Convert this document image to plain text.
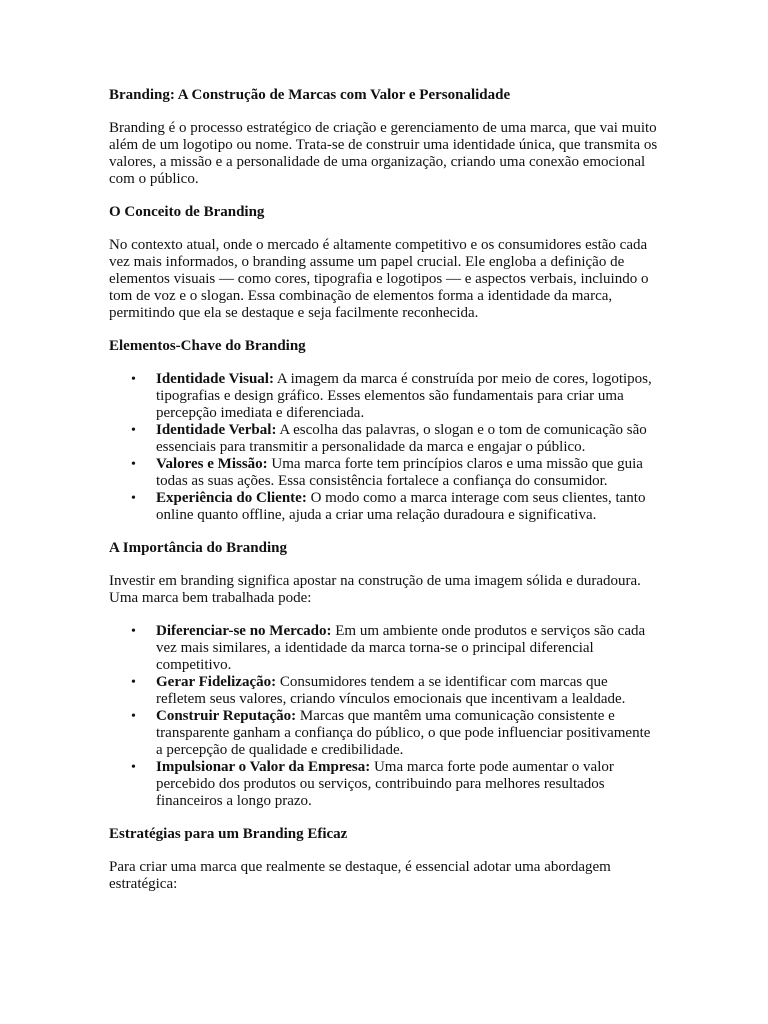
Branding: A Construção de Marcas com Valor e Personalidade

Branding é o processo estratégico de criação e gerenciamento de uma marca, que vai muito além de um logotipo ou nome. Trata-se de construir uma identidade única, que transmita os valores, a missão e a personalidade de uma organização, criando uma conexão emocional com o público.

O Conceito de Branding

No contexto atual, onde o mercado é altamente competitivo e os consumidores estão cada vez mais informados, o branding assume um papel crucial. Ele engloba a definição de elementos visuais — como cores, tipografia e logotipos — e aspectos verbais, incluindo o tom de voz e o slogan. Essa combinação de elementos forma a identidade da marca, permitindo que ela se destaque e seja facilmente reconhecida.

Elementos-Chave do Branding
• Identidade Visual: A imagem da marca é construída por meio de cores, logotipos, tipografias e design gráfico. Esses elementos são fundamentais para criar uma percepção imediata e diferenciada.
• Identidade Verbal: A escolha das palavras, o slogan e o tom de comunicação são essenciais para transmitir a personalidade da marca e engajar o público.
• Valores e Missão: Uma marca forte tem princípios claros e uma missão que guia todas as suas ações. Essa consistência fortalece a confiança do consumidor.
• Experiência do Cliente: O modo como a marca interage com seus clientes, tanto online quanto offline, ajuda a criar uma relação duradoura e significativa.
A Importância do Branding

Investir em branding significa apostar na construção de uma imagem sólida e duradoura. Uma marca bem trabalhada pode:

• Diferenciar-se no Mercado: Em um ambiente onde produtos e serviços são cada vez mais similares, a identidade da marca torna-se o principal diferencial competitivo.
• Gerar Fidelização: Consumidores tendem a se identificar com marcas que refletem seus valores, criando vínculos emocionais que incentivam a lealdade.
• Construir Reputação: Marcas que mantêm uma comunicação consistente e transparente ganham a confiança do público, o que pode influenciar positivamente a percepção de qualidade e credibilidade.
• Impulsionar o Valor da Empresa: Uma marca forte pode aumentar o valor percebido dos produtos ou serviços, contribuindo para melhores resultados financeiros a longo prazo.
Estratégias para um Branding Eficaz

Para criar uma marca que realmente se destaque, é essencial adotar uma abordagem estratégica:
